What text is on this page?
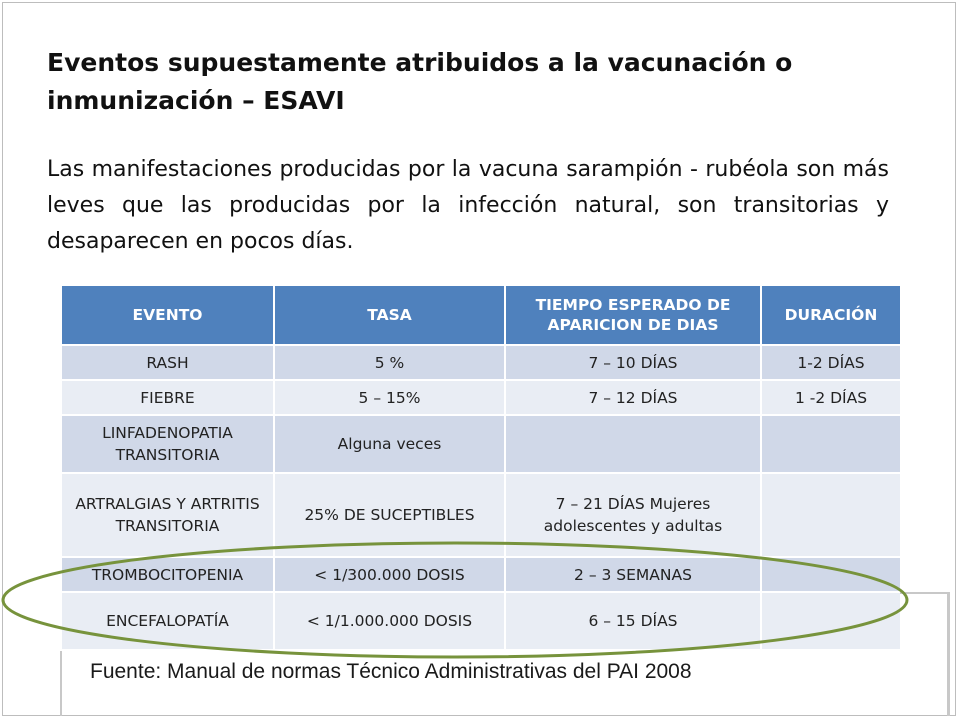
Eventos supuestamente atribuidos a la vacunación o inmunización – ESAVI
Las manifestaciones producidas por la vacuna sarampión - rubéola son más leves que las producidas por la infección natural, son transitorias y desaparecen en pocos días.
EVENTO	TASA	TIEMPO ESPERADO DE APARICION DE DIAS	DURACIÓN
RASH	5 %	7 – 10 DÍAS	1-2 DÍAS
FIEBRE	5 – 15%	7 – 12 DÍAS	1 -2 DÍAS
LINFADENOPATIA TRANSITORIA	Alguna veces		
ARTRALGIAS Y ARTRITIS TRANSITORIA	25% DE SUCEPTIBLES	7 – 21 DÍAS Mujeres adolescentes y adultas	
TROMBOCITOPENIA	< 1/300.000 DOSIS	2 – 3 SEMANAS	
ENCEFALOPATÍA	< 1/1.000.000 DOSIS	6 – 15 DÍAS	
Fuente: Manual de normas Técnico Administrativas del PAI 2008
